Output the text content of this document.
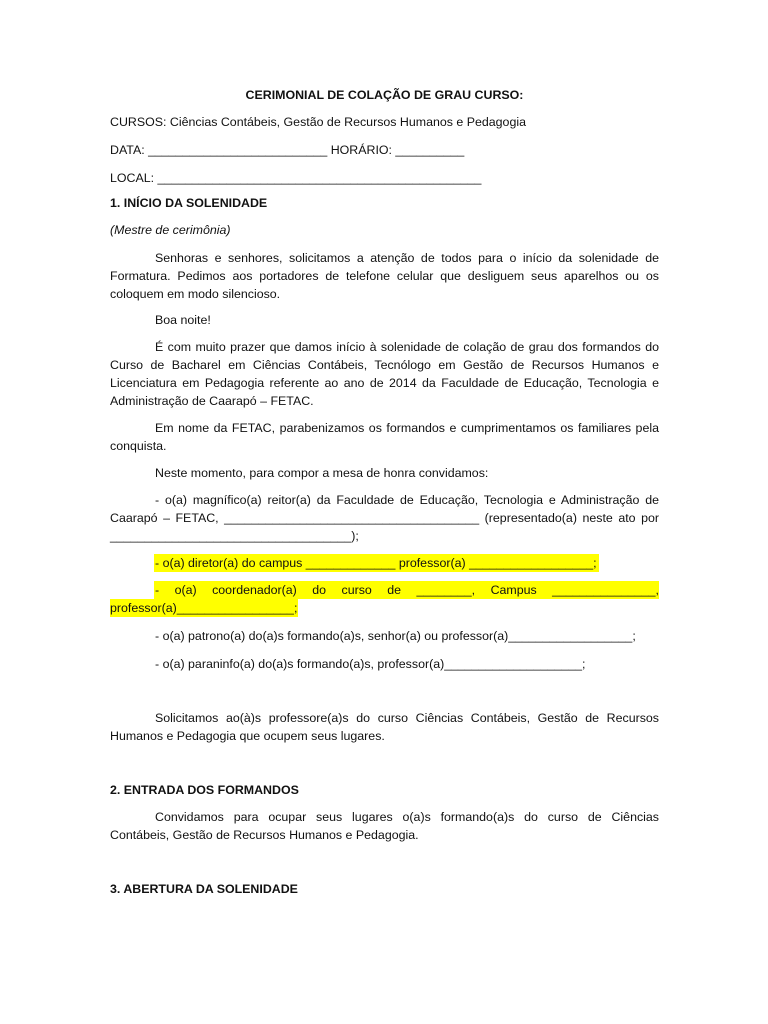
CERIMONIAL DE COLAÇÃO DE GRAU CURSO:

CURSOS: Ciências Contábeis, Gestão de Recursos Humanos e Pedagogia

DATA: __________________________ HORÁRIO: __________

LOCAL: _______________________________________________

1. INÍCIO DA SOLENIDADE

(Mestre de cerimônia)

Senhoras e senhores, solicitamos a atenção de todos para o início da solenidade de

Formatura. Pedimos aos portadores de telefone celular que desliguem seus aparelhos ou os

coloquem em modo silencioso.

Boa noite!

É com muito prazer que damos início à solenidade de colação de grau dos formandos do

Curso de Bacharel em Ciências Contábeis, Tecnólogo em Gestão de Recursos Humanos e

Licenciatura em Pedagogia referente ao ano de 2014 da Faculdade de Educação, Tecnologia e

Administração de Caarapó – FETAC.

Em nome da FETAC, parabenizamos os formandos e cumprimentamos os familiares pela

conquista.

Neste momento, para compor a mesa de honra convidamos:

- o(a) magnífico(a) reitor(a) da Faculdade de Educação, Tecnologia e Administração de

Caarapó – FETAC, _____________________________________ (representado(a) neste ato por

___________________________________);

- o(a) diretor(a) do campus _____________ professor(a) __________________;

- o(a) coordenador(a) do curso de ________, Campus _______________,

professor(a)_________________;

- o(a) patrono(a) do(a)s formando(a)s, senhor(a) ou professor(a)__________________;

- o(a) paraninfo(a) do(a)s formando(a)s, professor(a)____________________;

Solicitamos ao(à)s professore(a)s do curso Ciências Contábeis, Gestão de Recursos

Humanos e Pedagogia que ocupem seus lugares.

2. ENTRADA DOS FORMANDOS

Convidamos para ocupar seus lugares o(a)s formando(a)s do curso de Ciências

Contábeis, Gestão de Recursos Humanos e Pedagogia.

3. ABERTURA DA SOLENIDADE
